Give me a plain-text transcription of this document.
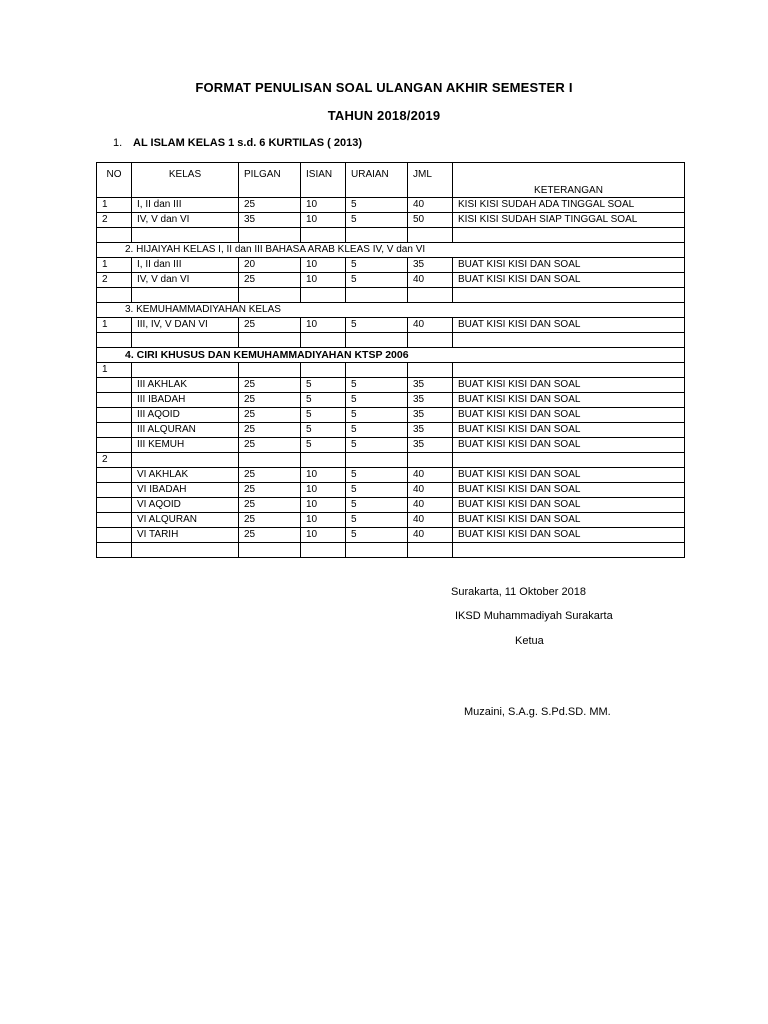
FORMAT PENULISAN SOAL ULANGAN AKHIR SEMESTER I
TAHUN 2018/2019
1. AL ISLAM KELAS 1 s.d. 6 KURTILAS ( 2013)
NO	KELAS	PILGAN	ISIAN	URAIAN	JML	KETERANGAN
1	I, II dan III	25	10	5	40	KISI KISI SUDAH ADA TINGGAL SOAL
2	IV, V dan VI	35	10	5	50	KISI KISI SUDAH SIAP TINGGAL SOAL

2. HIJAIYAH KELAS I, II dan III BAHASA ARAB KLEAS IV, V dan VI						
1	I, II dan III	20	10	5	35	BUAT KISI KISI DAN SOAL
2	IV, V dan VI	25	10	5	40	BUAT KISI KISI DAN SOAL

3. KEMUHAMMADIYAHAN KELAS						
1	III, IV, V DAN VI	25	10	5	40	BUAT KISI KISI DAN SOAL

4. CIRI KHUSUS DAN KEMUHAMMADIYAHAN KTSP 2006						
1						
	III AKHLAK	25	5	5	35	BUAT KISI KISI DAN SOAL
	III IBADAH	25	5	5	35	BUAT KISI KISI DAN SOAL
	III AQOID	25	5	5	35	BUAT KISI KISI DAN SOAL
	III ALQURAN	25	5	5	35	BUAT KISI KISI DAN SOAL
	III KEMUH	25	5	5	35	BUAT KISI KISI DAN SOAL
2						
	VI AKHLAK	25	10	5	40	BUAT KISI KISI DAN SOAL
	VI IBADAH	25	10	5	40	BUAT KISI KISI DAN SOAL
	VI AQOID	25	10	5	40	BUAT KISI KISI DAN SOAL
	VI ALQURAN	25	10	5	40	BUAT KISI KISI DAN SOAL
	VI TARIH	25	10	5	40	BUAT KISI KISI DAN SOAL

Surakarta, 11 Oktober 2018
IKSD Muhammadiyah Surakarta
Ketua
Muzaini, S.A.g. S.Pd.SD. MM.
